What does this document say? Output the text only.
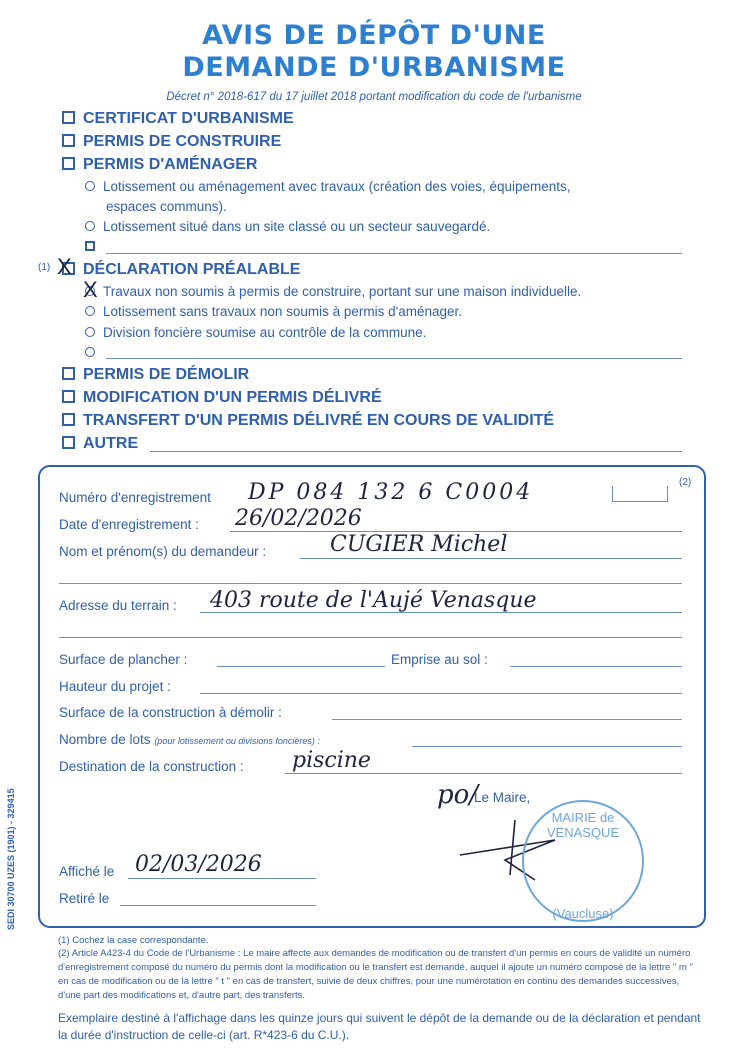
AVIS DE DÉPÔT D'UNE
DEMANDE D'URBANISME
Décret n° 2018-617 du 17 juillet 2018 portant modification du code de l'urbanisme
CERTIFICAT D'URBANISME
PERMIS DE CONSTRUIRE
PERMIS D'AMÉNAGER
Lotissement ou aménagement avec travaux (création des voies, équipements,
espaces communs).
Lotissement situé dans un site classé ou un secteur sauvegardé.
(1)	DÉCLARATION PRÉALABLE
X
Travaux non soumis à permis de construire, portant sur une maison individuelle.
X
Lotissement sans travaux non soumis à permis d'aménager.
Division foncière soumise au contrôle de la commune.
PERMIS DE DÉMOLIR
MODIFICATION D'UN PERMIS DÉLIVRÉ
TRANSFERT D'UN PERMIS DÉLIVRÉ EN COURS DE VALIDITÉ
AUTRE
Numéro d'enregistrement DP 084 132 6 C0004	(2)
Date d'enregistrement : 26/02/2026
Nom et prénom(s) du demandeur :	CUGIER Michel
Adresse du terrain : 403 route de l'Aujé Venasque
Surface de plancher :	Emprise au sol :
Hauteur du projet :
Surface de la construction à démolir :
Nombre de lots (pour lotissement ou divisions foncières) :
Destination de la construction : piscine
po/
Le Maire,
MAIRIE de VENASQUE
(Vaucluse)
Affiché le 02/03/2026
Retiré le
(1) Cochez la case correspondante.
(2) Article A423-4 du Code de l'Urbanisme : Le maire affecte aux demandes de modification ou de transfert d'un permis en cours de validité un numéro d'enregistrement composé du numéro du permis dont la modification ou le transfert est demandé, auquel il ajoute un numéro composé de la lettre " m " en cas de modification ou de la lettre " t " en cas de transfert, suivie de deux chiffres, pour une numérotation en continu des demandes successives, d'une part des modifications et, d'autre part, des transferts.
Exemplaire destiné à l'affichage dans les quinze jours qui suivent le dépôt de la demande ou de la déclaration et pendant la durée d'instruction de celle-ci (art. R*423-6 du C.U.).
SEDI 30700 UZES (1901) - 329415
